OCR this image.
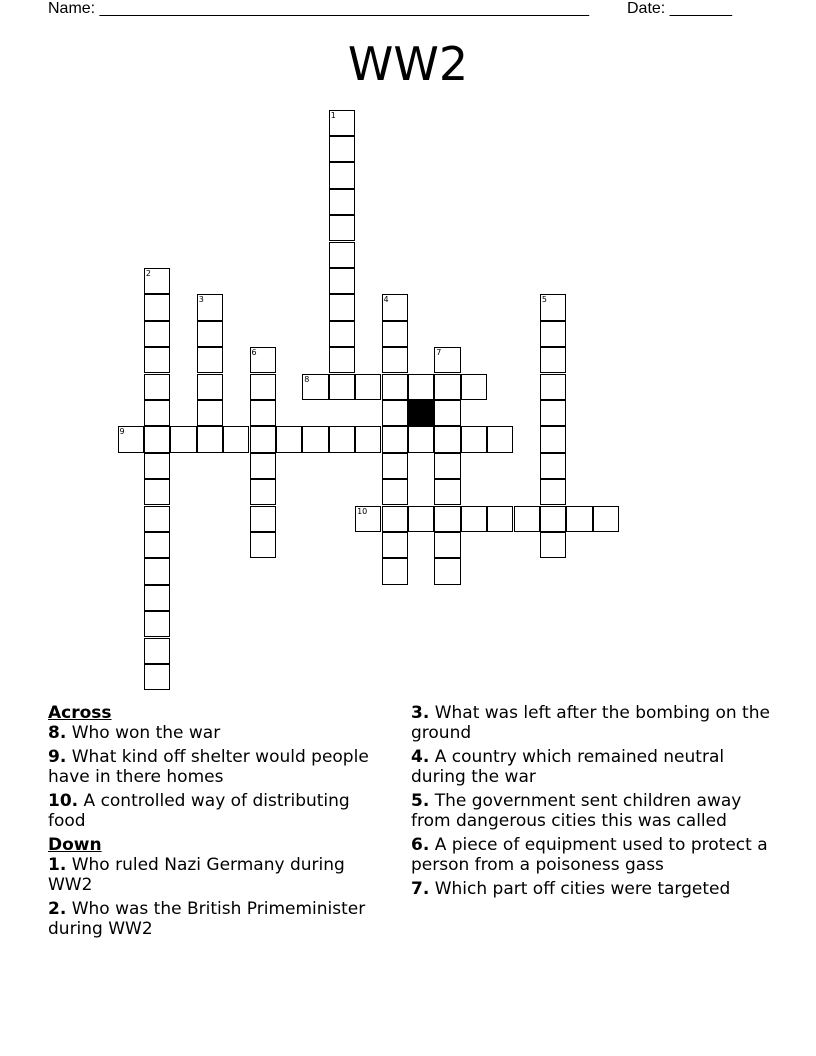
Name: _______________________________________________________ Date: _______
WW2
1
2
3	4	5
6	7
8
9
10

Across

8. Who won the war

9. What kind off shelter would people have in there homes

10. A controlled way of distributing food

Down

1. Who ruled Nazi Germany during WW2

2. Who was the British Primeminister during WW2

3. What was left after the bombing on the ground

4. A country which remained neutral during the war

5. The government sent children away from dangerous cities this was called

6. A piece of equipment used to protect a person from a poisoness gass

7. Which part off cities were targeted
